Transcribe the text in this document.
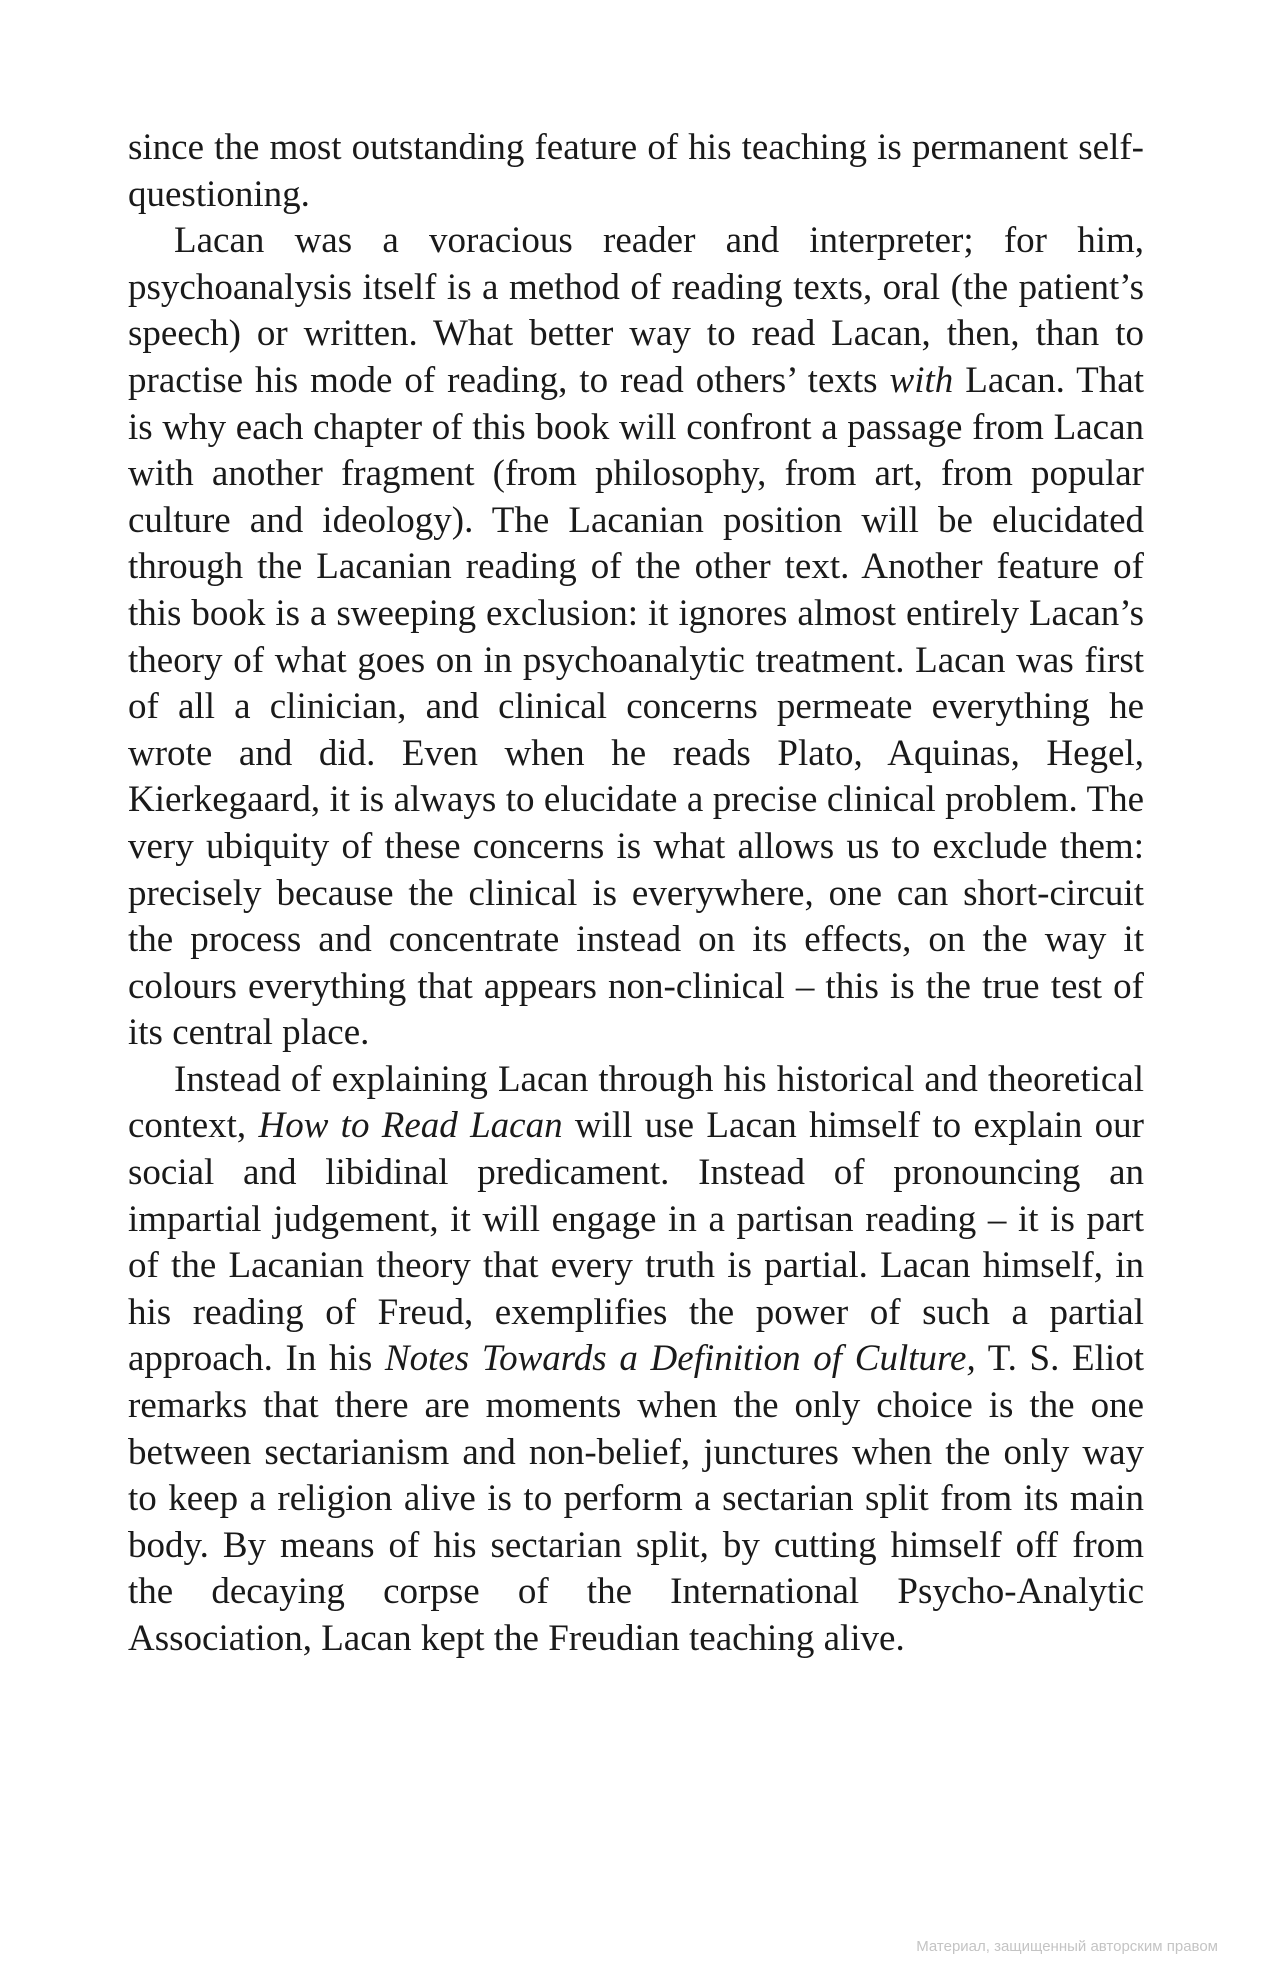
since the most outstanding feature of his teaching is permanent self-questioning.

Lacan was a voracious reader and interpreter; for him, psychoanalysis itself is a method of reading texts, oral (the patient’s speech) or written. What better way to read Lacan, then, than to practise his mode of reading, to read others’ texts with Lacan. That is why each chapter of this book will confront a passage from Lacan with another fragment (from philosophy, from art, from popular culture and ideology). The Lacanian position will be elucidated through the Lacanian reading of the other text. Another feature of this book is a sweeping exclusion: it ignores almost entirely Lacan’s theory of what goes on in psychoanalytic treatment. Lacan was first of all a clinician, and clinical concerns permeate everything he wrote and did. Even when he reads Plato, Aquinas, Hegel, Kierkegaard, it is always to elucidate a precise clinical problem. The very ubiquity of these concerns is what allows us to exclude them: precisely because the clinical is everywhere, one can short-circuit the process and concentrate instead on its effects, on the way it colours everything that appears non-clinical – this is the true test of its central place.

Instead of explaining Lacan through his historical and theoretical context, How to Read Lacan will use Lacan himself to explain our social and libidinal predicament. Instead of pronouncing an impartial judgement, it will engage in a partisan reading – it is part of the Lacanian theory that every truth is partial. Lacan himself, in his reading of Freud, exemplifies the power of such a partial approach. In his Notes Towards a Definition of Culture, T. S. Eliot remarks that there are moments when the only choice is the one between sectarianism and non-belief, junctures when the only way to keep a religion alive is to perform a sectarian split from its main body. By means of his sectarian split, by cutting himself off from the decaying corpse of the International Psycho-Analytic Association, Lacan kept the Freudian teaching alive.

Материал, защищенный авторским правом
